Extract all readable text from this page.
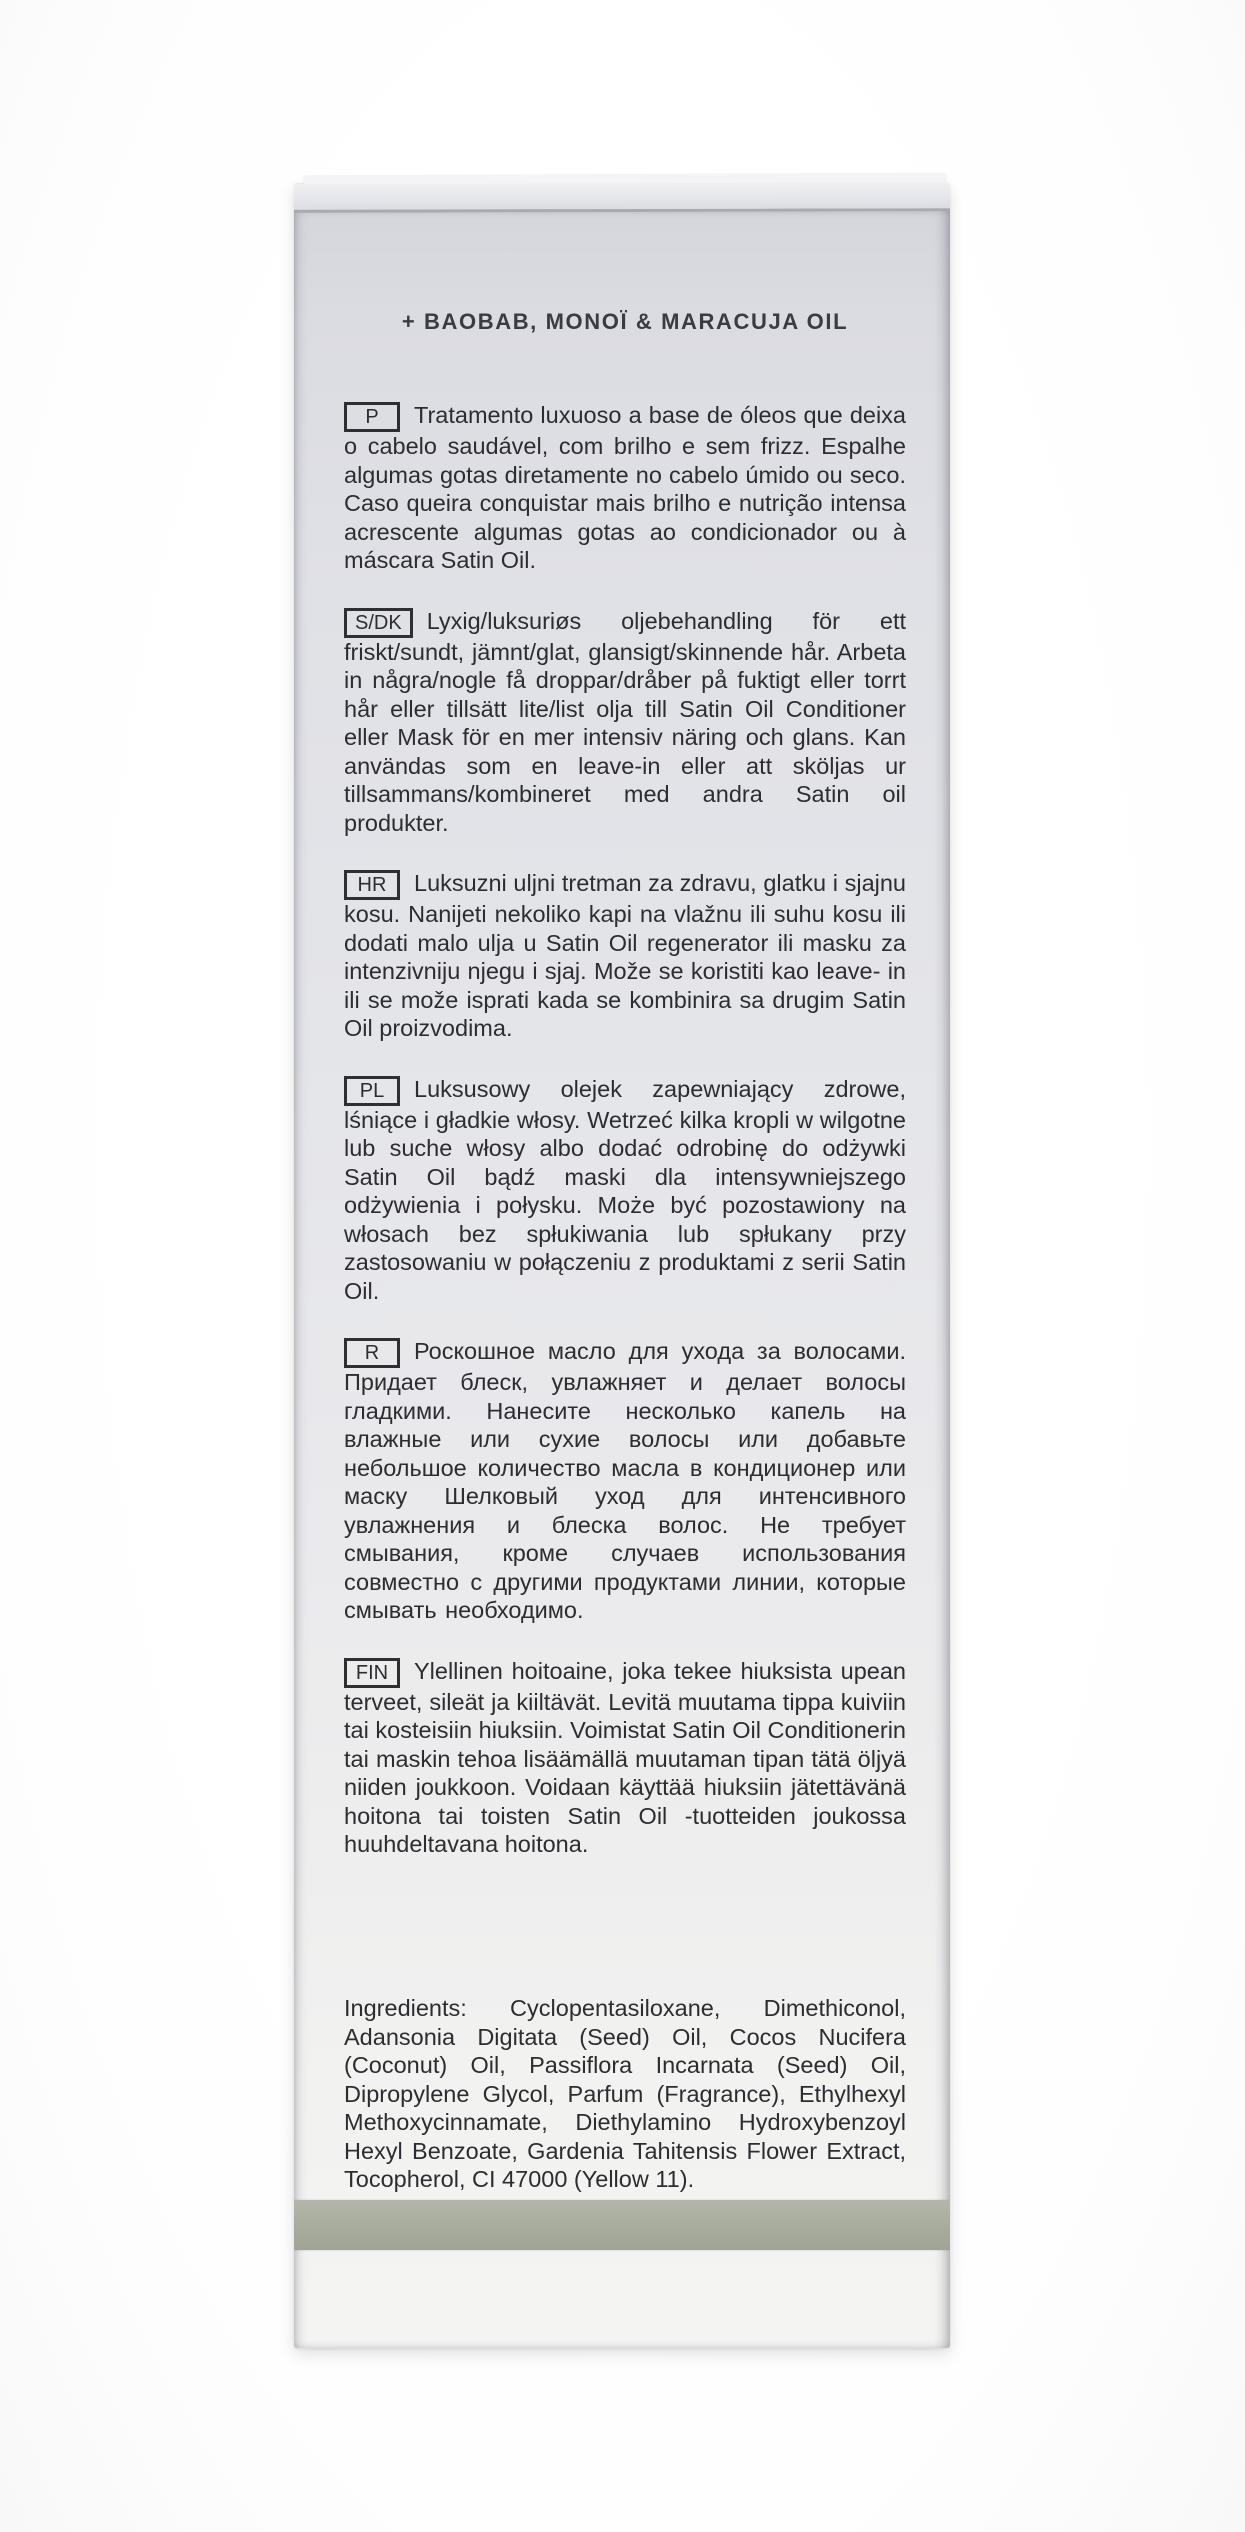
+ BAOBAB, MONOÏ & MARACUJA OIL

P Tratamento luxuoso a base de óleos que deixa o cabelo saudável, com brilho e sem frizz. Espalhe algumas gotas diretamente no cabelo úmido ou seco. Caso queira conquistar mais brilho e nutrição intensa acrescente algumas gotas ao condicionador ou à máscara Satin Oil.

S/DK Lyxig/luksuriøs oljebehandling för ett friskt/sundt, jämnt/glat, glansigt/skinnende hår. Arbeta in några/nogle få droppar/dråber på fuktigt eller torrt hår eller tillsätt lite/list olja till Satin Oil Conditioner eller Mask för en mer intensiv näring och glans. Kan användas som en leave-in eller att sköljas ur tillsammans/kombineret med andra Satin oil produkter.

HR Luksuzni uljni tretman za zdravu, glatku i sjajnu kosu. Nanijeti nekoliko kapi na vlažnu ili suhu kosu ili dodati malo ulja u Satin Oil regenerator ili masku za intenzivniju njegu i sjaj. Može se koristiti kao leave- in ili se može isprati kada se kombinira sa drugim Satin Oil proizvodima.

PL Luksusowy olejek zapewniający zdrowe, lśniące i gładkie włosy. Wetrzeć kilka kropli w wilgotne lub suche włosy albo dodać odrobinę do odżywki Satin Oil bądź maski dla intensywniejszego odżywienia i połysku. Może być pozostawiony na włosach bez spłukiwania lub spłukany przy zastosowaniu w połączeniu z produktami z serii Satin Oil.

R Роскошное масло для ухода за волосами. Придает блеск, увлажняет и делает волосы гладкими. Нанесите несколько капель на влажные или сухие волосы или добавьте небольшое количество масла в кондиционер или маску Шелковый уход для интенсивного увлажнения и блеска волос. Не требует смывания, кроме случаев использования совместно с другими продуктами линии, которые смывать необходимо.

FIN Ylellinen hoitoaine, joka tekee hiuksista upean terveet, sileät ja kiiltävät. Levitä muutama tippa kuiviin tai kosteisiin hiuksiin. Voimistat Satin Oil Conditionerin tai maskin tehoa lisäämällä muutaman tipan tätä öljyä niiden joukkoon. Voidaan käyttää hiuksiin jätettävänä hoitona tai toisten Satin Oil -tuotteiden joukossa huuhdeltavana hoitona.

Ingredients: Cyclopentasiloxane, Dimethiconol, Adansonia Digitata (Seed) Oil, Cocos Nucifera (Coconut) Oil, Passiflora Incarnata (Seed) Oil, Dipropylene Glycol, Parfum (Fragrance), Ethylhexyl Methoxycinnamate, Diethylamino Hydroxybenzoyl Hexyl Benzoate, Gardenia Tahitensis Flower Extract, Tocopherol, CI 47000 (Yellow 11).
